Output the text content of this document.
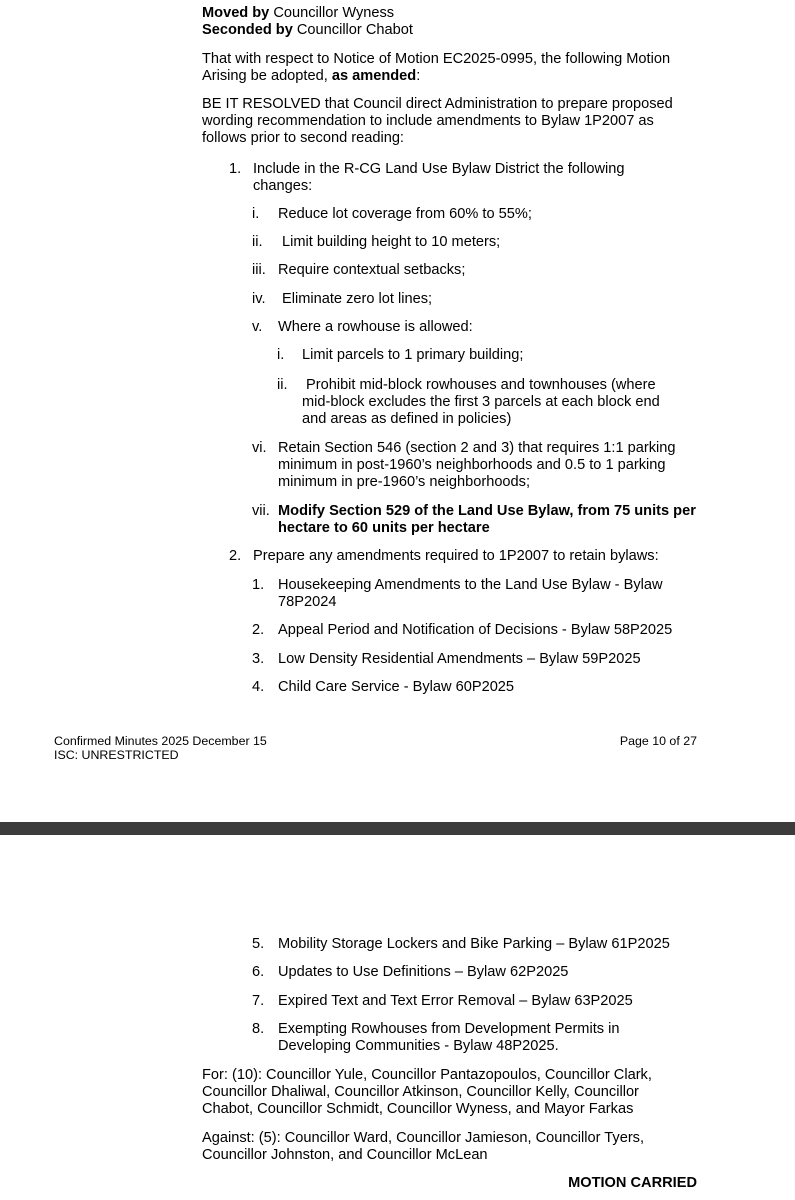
Moved by Councillor Wyness
Seconded by Councillor Chabot
That with respect to Notice of Motion EC2025-0995, the following Motion Arising be adopted, as amended:
BE IT RESOLVED that Council direct Administration to prepare proposed wording recommendation to include amendments to Bylaw 1P2007 as follows prior to second reading:
1. Include in the R-CG Land Use Bylaw District the following changes:
i. Reduce lot coverage from 60% to 55%;
ii. Limit building height to 10 meters;
iii. Require contextual setbacks;
iv. Eliminate zero lot lines;
v. Where a rowhouse is allowed:
i. Limit parcels to 1 primary building;
ii. Prohibit mid-block rowhouses and townhouses (where mid-block excludes the first 3 parcels at each block end and areas as defined in policies)
vi. Retain Section 546 (section 2 and 3) that requires 1:1 parking minimum in post-1960’s neighborhoods and 0.5 to 1 parking minimum in pre-1960’s neighborhoods;
vii. Modify Section 529 of the Land Use Bylaw, from 75 units per hectare to 60 units per hectare
2. Prepare any amendments required to 1P2007 to retain bylaws:
1. Housekeeping Amendments to the Land Use Bylaw - Bylaw 78P2024
2. Appeal Period and Notification of Decisions - Bylaw 58P2025
3. Low Density Residential Amendments – Bylaw 59P2025
4. Child Care Service - Bylaw 60P2025
Confirmed Minutes 2025 December 15
ISC: UNRESTRICTED
Page 10 of 27
5. Mobility Storage Lockers and Bike Parking – Bylaw 61P2025
6. Updates to Use Definitions – Bylaw 62P2025
7. Expired Text and Text Error Removal – Bylaw 63P2025
8. Exempting Rowhouses from Development Permits in Developing Communities - Bylaw 48P2025.
For: (10): Councillor Yule, Councillor Pantazopoulos, Councillor Clark, Councillor Dhaliwal, Councillor Atkinson, Councillor Kelly, Councillor Chabot, Councillor Schmidt, Councillor Wyness, and Mayor Farkas
Against: (5): Councillor Ward, Councillor Jamieson, Councillor Tyers, Councillor Johnston, and Councillor McLean
MOTION CARRIED
